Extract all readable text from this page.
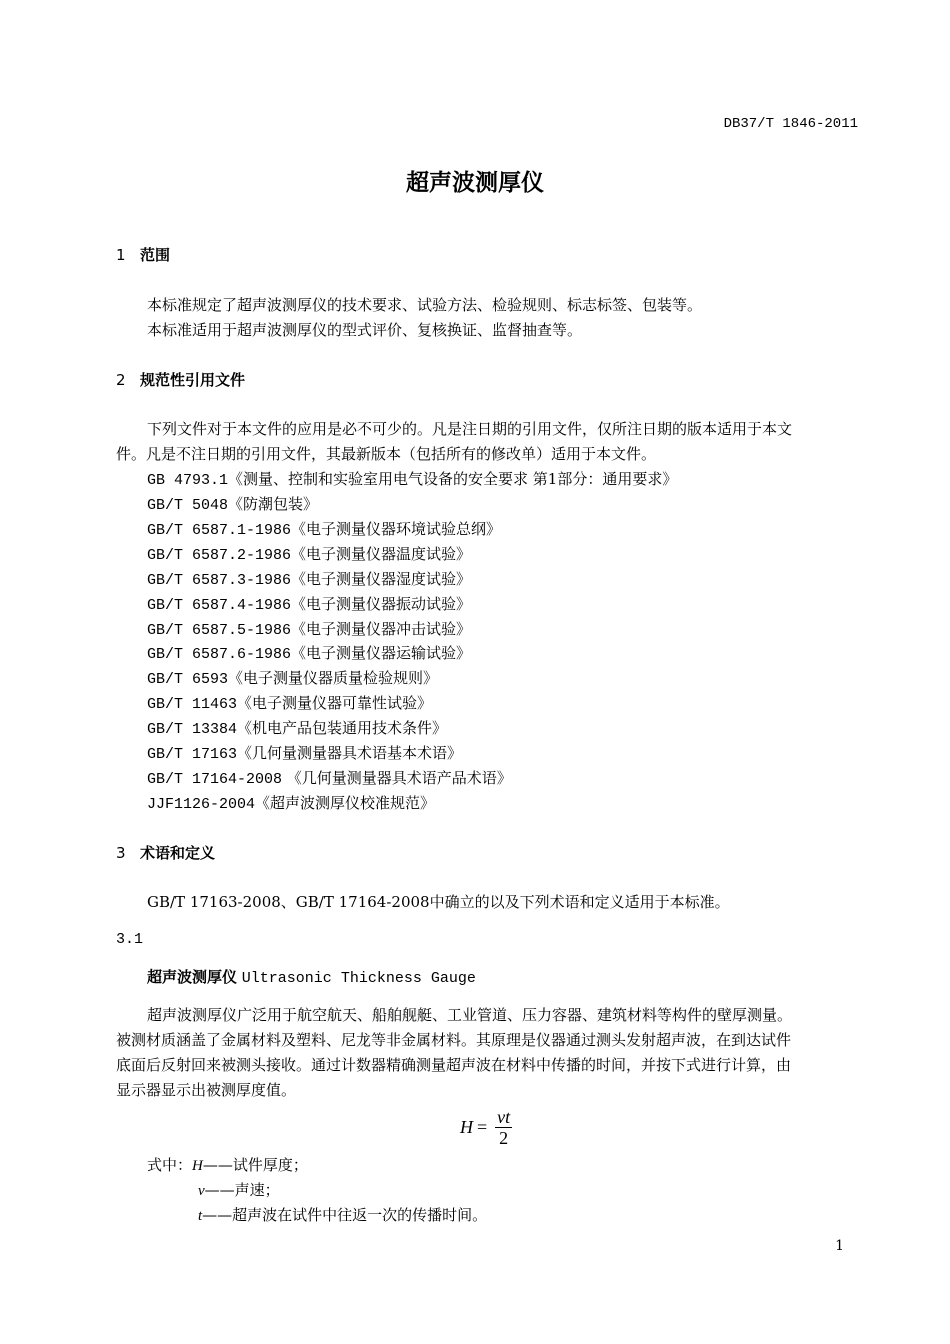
DB37/T 1846-2011
超声波测厚仪
1 范围
本标准规定了超声波测厚仪的技术要求、试验方法、检验规则、标志标签、包装等。
本标准适用于超声波测厚仪的型式评价、复核换证、监督抽查等。
2 规范性引用文件
下列文件对于本文件的应用是必不可少的。凡是注日期的引用文件，仅所注日期的版本适用于本文
件。凡是不注日期的引用文件，其最新版本（包括所有的修改单）适用于本文件。
GB 4793.1《测量、控制和实验室用电气设备的安全要求 第1部分：通用要求》
GB/T 5048《防潮包装》
GB/T 6587.1-1986《电子测量仪器环境试验总纲》
GB/T 6587.2-1986《电子测量仪器温度试验》
GB/T 6587.3-1986《电子测量仪器湿度试验》
GB/T 6587.4-1986《电子测量仪器振动试验》
GB/T 6587.5-1986《电子测量仪器冲击试验》
GB/T 6587.6-1986《电子测量仪器运输试验》
GB/T 6593《电子测量仪器质量检验规则》
GB/T 11463《电子测量仪器可靠性试验》
GB/T 13384《机电产品包装通用技术条件》
GB/T 17163《几何量测量器具术语基本术语》
GB/T 17164-2008 《几何量测量器具术语产品术语》
JJF1126-2004《超声波测厚仪校准规范》
3 术语和定义
GB/T 17163-2008、GB/T 17164-2008中确立的以及下列术语和定义适用于本标准。
3.1
超声波测厚仪 Ultrasonic Thickness Gauge
超声波测厚仪广泛用于航空航天、船舶舰艇、工业管道、压力容器、建筑材料等构件的壁厚测量。
被测材质涵盖了金属材料及塑料、尼龙等非金属材料。其原理是仪器通过测头发射超声波，在到达试件
底面后反射回来被测头接收。通过计数器精确测量超声波在材料中传播的时间，并按下式进行计算，由
显示器显示出被测厚度值。
$H = \frac{vt}{2}$
式中：H——试件厚度；
v——声速；
t——超声波在试件中往返一次的传播时间。
1
